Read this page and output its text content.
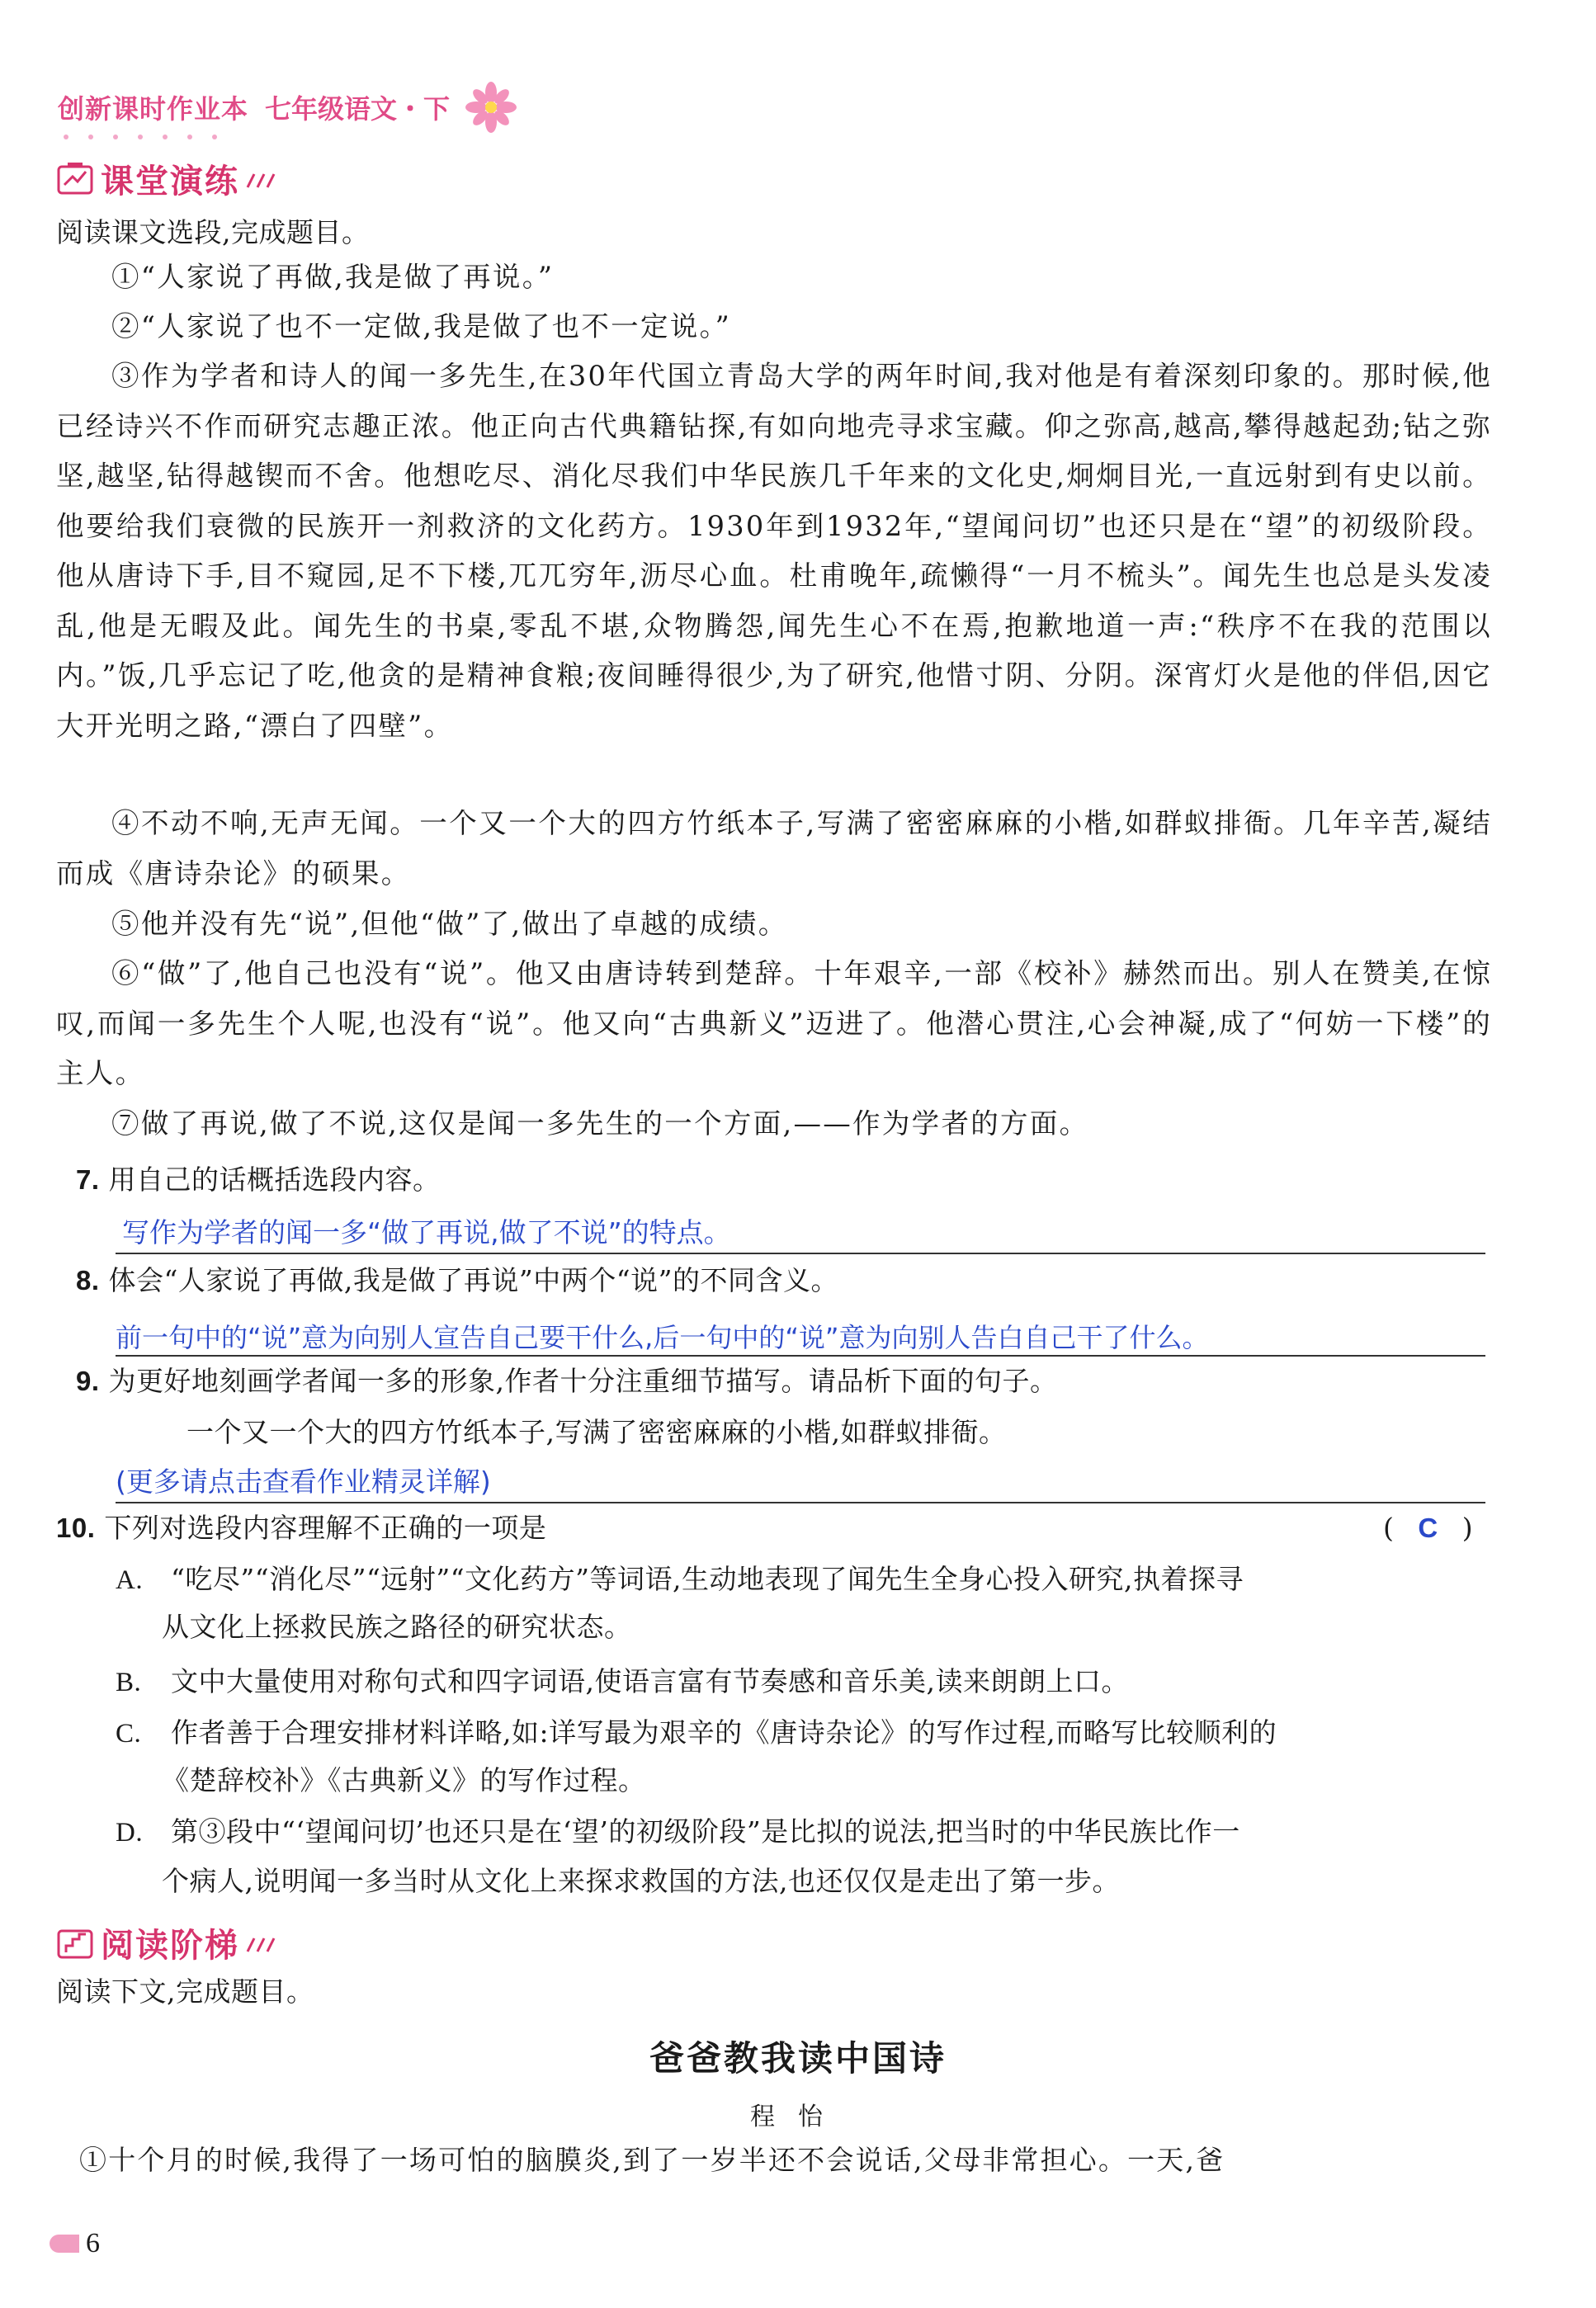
创新课时作业本 七年级语文・下
课堂演练
阅读课文选段,完成题目。
①“人家说了再做,我是做了再说。”
②“人家说了也不一定做,我是做了也不一定说。”
③作为学者和诗人的闻一多先生,在30年代国立青岛大学的两年时间,我对他是有着深刻印象的。那时候,他已经诗兴不作而研究志趣正浓。他正向古代典籍钻探,有如向地壳寻求宝藏。仰之弥高,越高,攀得越起劲;钻之弥坚,越坚,钻得越锲而不舍。他想吃尽、消化尽我们中华民族几千年来的文化史,炯炯目光,一直远射到有史以前。他要给我们衰微的民族开一剂救济的文化药方。1930年到1932年,“望闻问切”也还只是在“望”的初级阶段。他从唐诗下手,目不窥园,足不下楼,兀兀穷年,沥尽心血。杜甫晚年,疏懒得“一月不梳头”。闻先生也总是头发凌乱,他是无暇及此。闻先生的书桌,零乱不堪,众物腾怨,闻先生心不在焉,抱歉地道一声:“秩序不在我的范围以内。”饭,几乎忘记了吃,他贪的是精神食粮;夜间睡得很少,为了研究,他惜寸阴、分阴。深宵灯火是他的伴侣,因它大开光明之路,“漂白了四壁”。
④不动不响,无声无闻。一个又一个大的四方竹纸本子,写满了密密麻麻的小楷,如群蚁排衙。几年辛苦,凝结而成《唐诗杂论》的硕果。
⑤他并没有先“说”,但他“做”了,做出了卓越的成绩。
⑥“做”了,他自己也没有“说”。他又由唐诗转到楚辞。十年艰辛,一部《校补》赫然而出。别人在赞美,在惊叹,而闻一多先生个人呢,也没有“说”。他又向“古典新义”迈进了。他潜心贯注,心会神凝,成了“何妨一下楼”的主人。
⑦做了再说,做了不说,这仅是闻一多先生的一个方面,——作为学者的方面。
7. 用自己的话概括选段内容。
写作为学者的闻一多“做了再说,做了不说”的特点。
8. 体会“人家说了再做,我是做了再说”中两个“说”的不同含义。
前一句中的“说”意为向别人宣告自己要干什么,后一句中的“说”意为向别人告白自己干了什么。
9. 为更好地刻画学者闻一多的形象,作者十分注重细节描写。请品析下面的句子。
一个又一个大的四方竹纸本子,写满了密密麻麻的小楷,如群蚁排衙。
(更多请点击查看作业精灵详解)
10. 下列对选段内容理解不正确的一项是	( C )
A. “吃尽”“消化尽”“远射”“文化药方”等词语,生动地表现了闻先生全身心投入研究,执着探寻
从文化上拯救民族之路径的研究状态。
B. 文中大量使用对称句式和四字词语,使语言富有节奏感和音乐美,读来朗朗上口。
C. 作者善于合理安排材料详略,如:详写最为艰辛的《唐诗杂论》的写作过程,而略写比较顺利的
《楚辞校补》《古典新义》的写作过程。
D. 第③段中“‘望闻问切’也还只是在‘望’的初级阶段”是比拟的说法,把当时的中华民族比作一
个病人,说明闻一多当时从文化上来探求救国的方法,也还仅仅是走出了第一步。
阅读阶梯
阅读下文,完成题目。
爸爸教我读中国诗
程怡
①十个月的时候,我得了一场可怕的脑膜炎,到了一岁半还不会说话,父母非常担心。一天,爸
6
